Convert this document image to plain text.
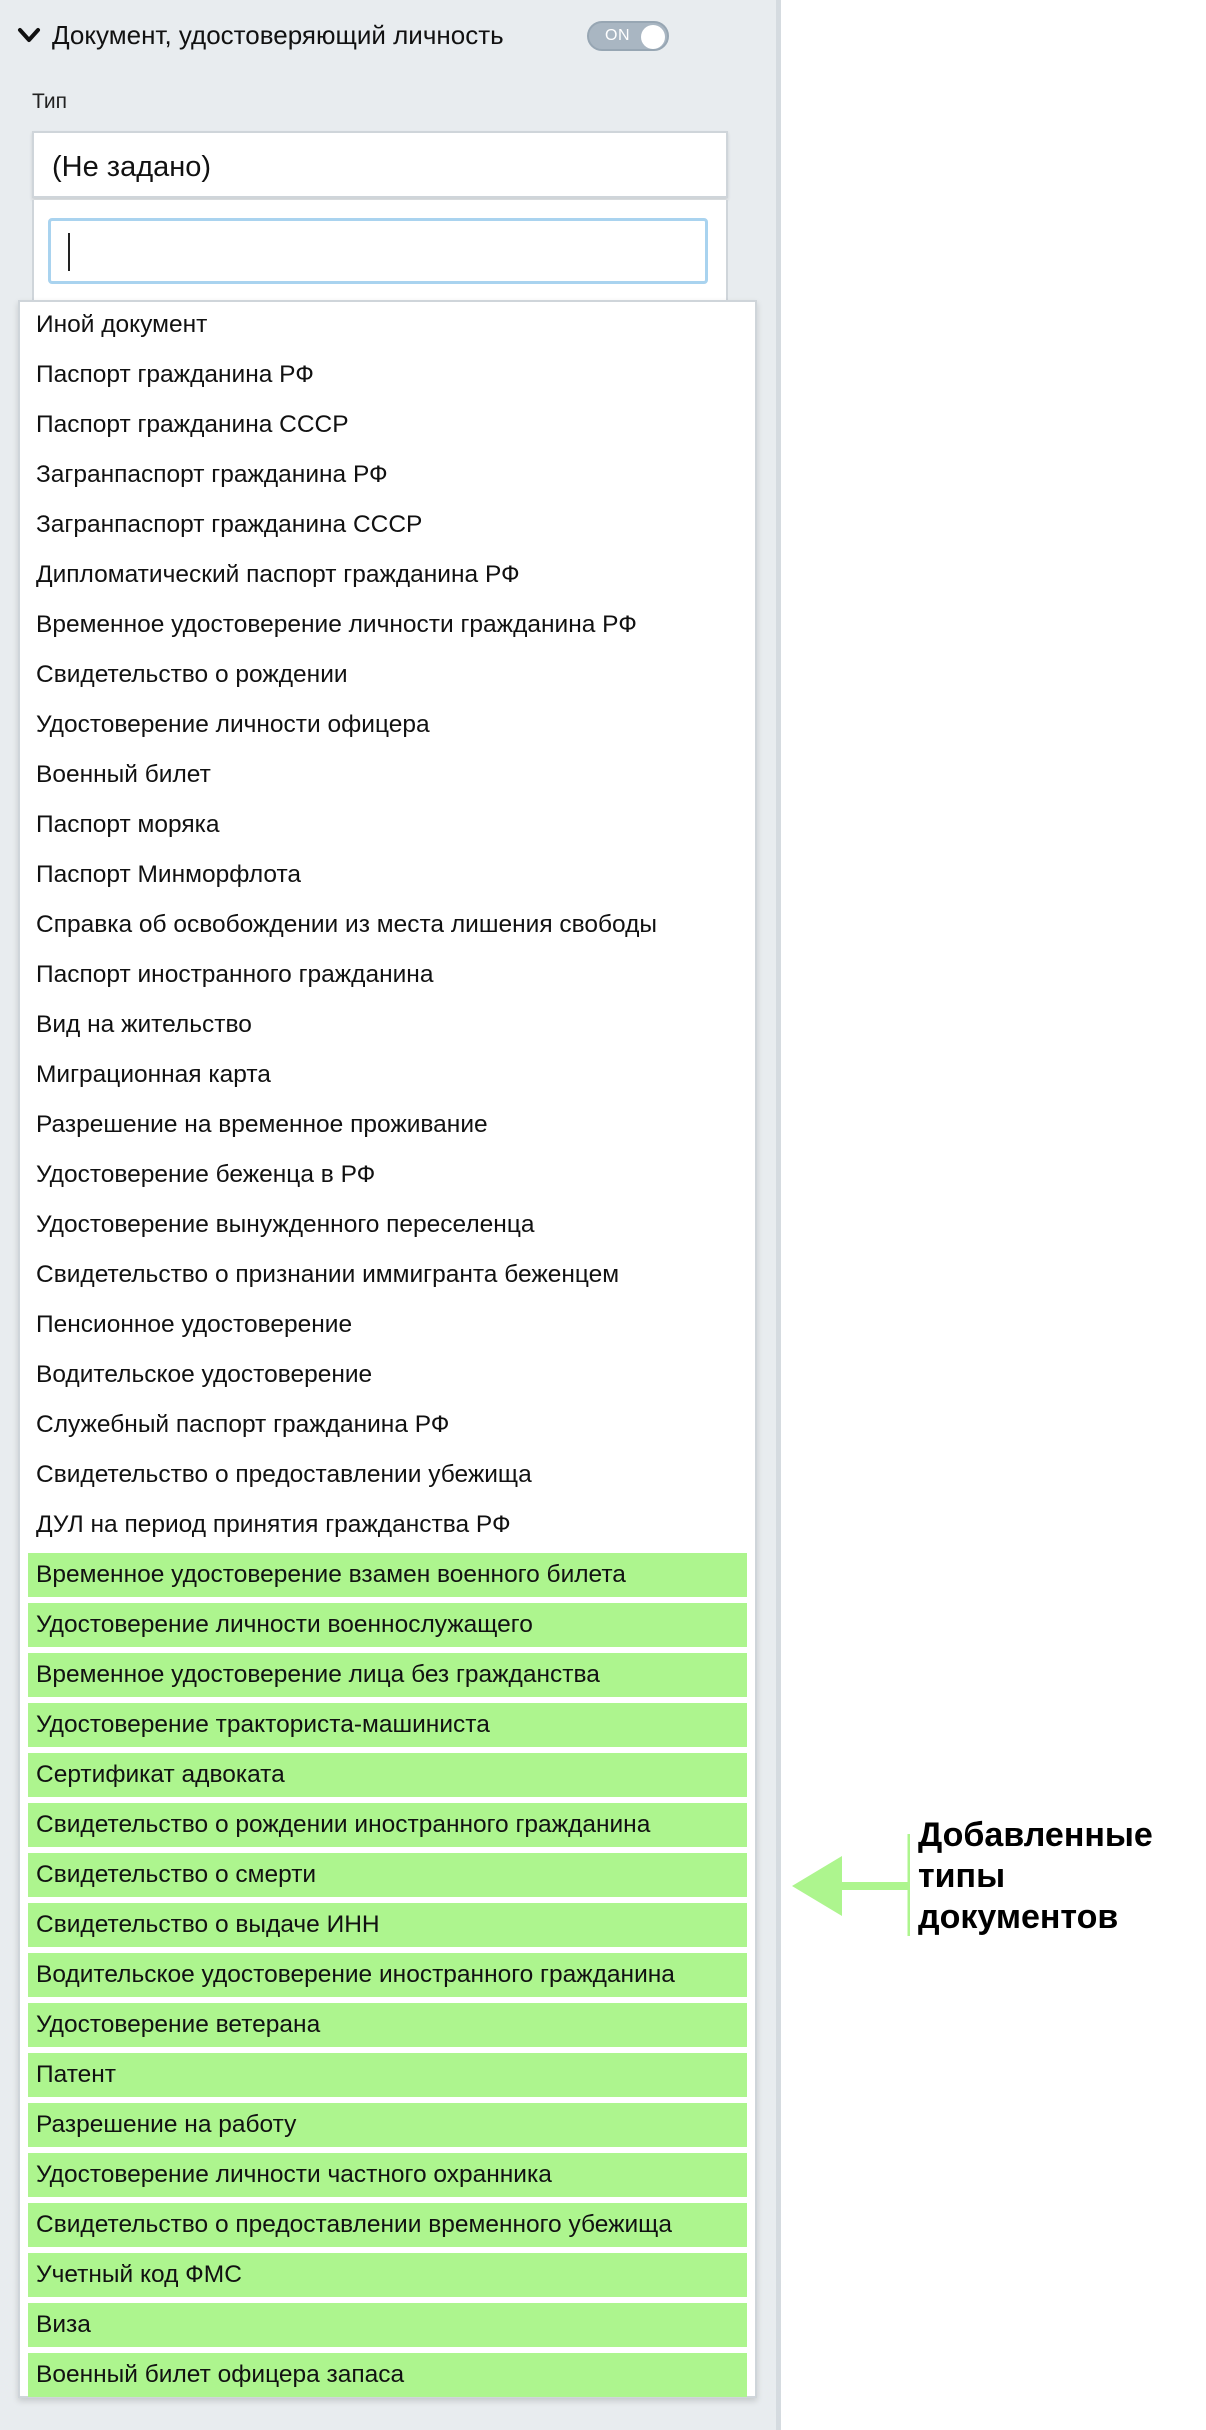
Документ, удостоверяющий личность	ON
Тип
(Не задано)
Иной документ
Паспорт гражданина РФ
Паспорт гражданина СССР
Загранпаспорт гражданина РФ
Загранпаспорт гражданина СССР
Дипломатический паспорт гражданина РФ
Временное удостоверение личности гражданина РФ
Свидетельство о рождении
Удостоверение личности офицера
Военный билет
Паспорт моряка
Паспорт Минморфлота
Справка об освобождении из места лишения свободы
Паспорт иностранного гражданина
Вид на жительство
Миграционная карта
Разрешение на временное проживание
Удостоверение беженца в РФ
Удостоверение вынужденного переселенца
Свидетельство о признании иммигранта беженцем
Пенсионное удостоверение
Водительское удостоверение
Служебный паспорт гражданина РФ
Свидетельство о предоставлении убежища
ДУЛ на период принятия гражданства РФ
Временное удостоверение взамен военного билета
Удостоверение личности военнослужащего
Временное удостоверение лица без гражданства
Удостоверение тракториста-машиниста
Сертификат адвоката
Свидетельство о рождении иностранного гражданина
Свидетельство о смерти
Свидетельство о выдаче ИНН
Водительское удостоверение иностранного гражданина
Удостоверение ветерана
Патент
Разрешение на работу
Удостоверение личности частного охранника
Свидетельство о предоставлении временного убежища
Учетный код ФМС
Виза
Военный билет офицера запаса
Добавленные
типы
документов
